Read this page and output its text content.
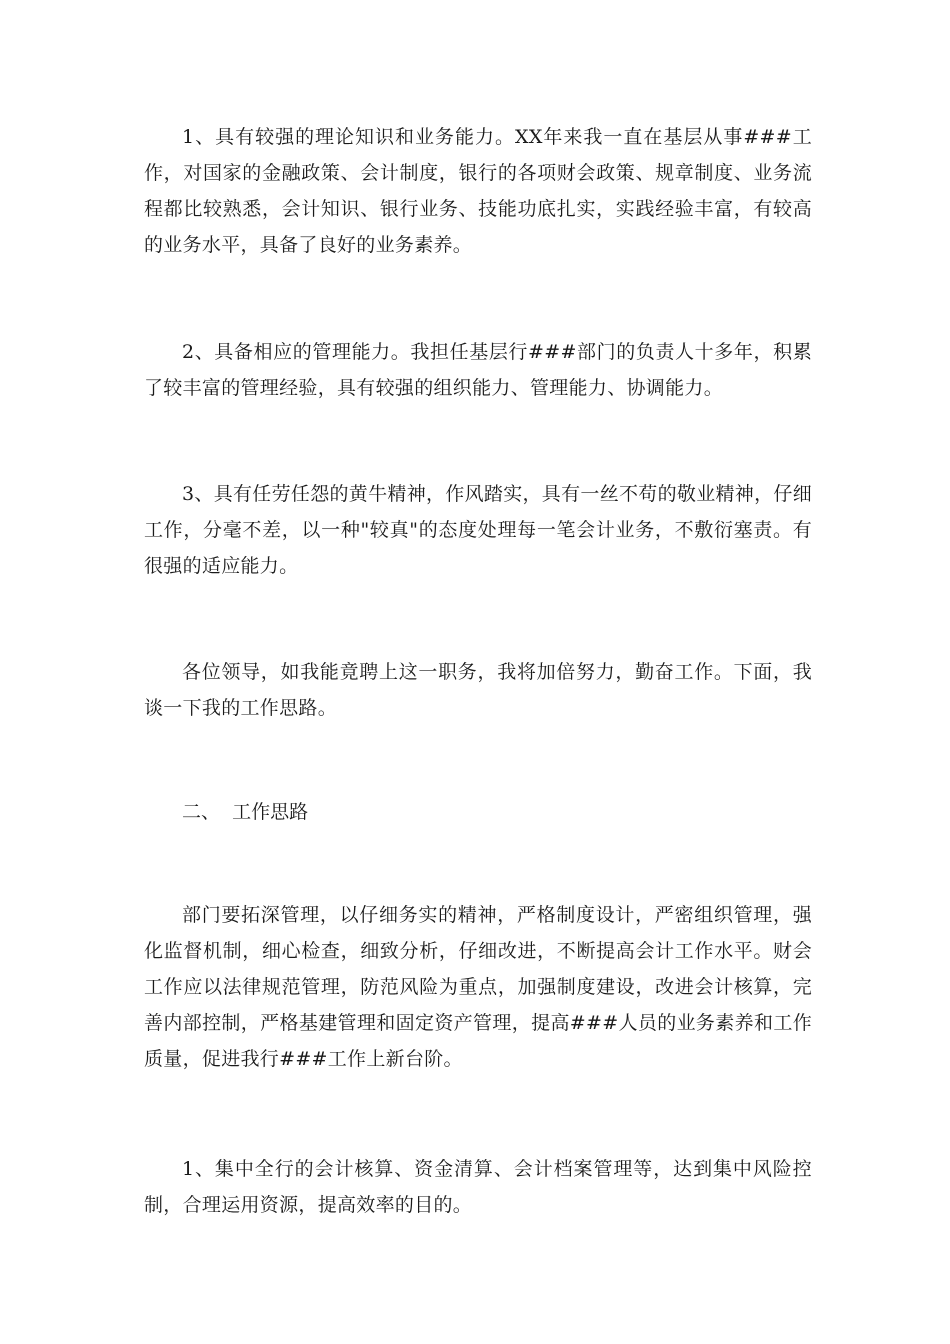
1、具有较强的理论知识和业务能力。XX年来我一直在基层从事###工作，对国家的金融政策、会计制度，银行的各项财会政策、规章制度、业务流程都比较熟悉，会计知识、银行业务、技能功底扎实，实践经验丰富，有较高的业务水平，具备了良好的业务素养。

2、具备相应的管理能力。我担任基层行###部门的负责人十多年，积累了较丰富的管理经验，具有较强的组织能力、管理能力、协调能力。

3、具有任劳任怨的黄牛精神，作风踏实，具有一丝不苟的敬业精神，仔细工作，分毫不差，以一种"较真"的态度处理每一笔会计业务，不敷衍塞责。有很强的适应能力。

各位领导，如我能竟聘上这一职务，我将加倍努力，勤奋工作。下面，我谈一下我的工作思路。

二、  工作思路

部门要拓深管理，以仔细务实的精神，严格制度设计，严密组织管理，强化监督机制，细心检查，细致分析，仔细改进，不断提高会计工作水平。财会工作应以法律规范管理，防范风险为重点，加强制度建设，改进会计核算，完善内部控制，严格基建管理和固定资产管理，提高###人员的业务素养和工作质量，促进我行###工作上新台阶。

1、集中全行的会计核算、资金清算、会计档案管理等，达到集中风险控制，合理运用资源，提高效率的目的。
